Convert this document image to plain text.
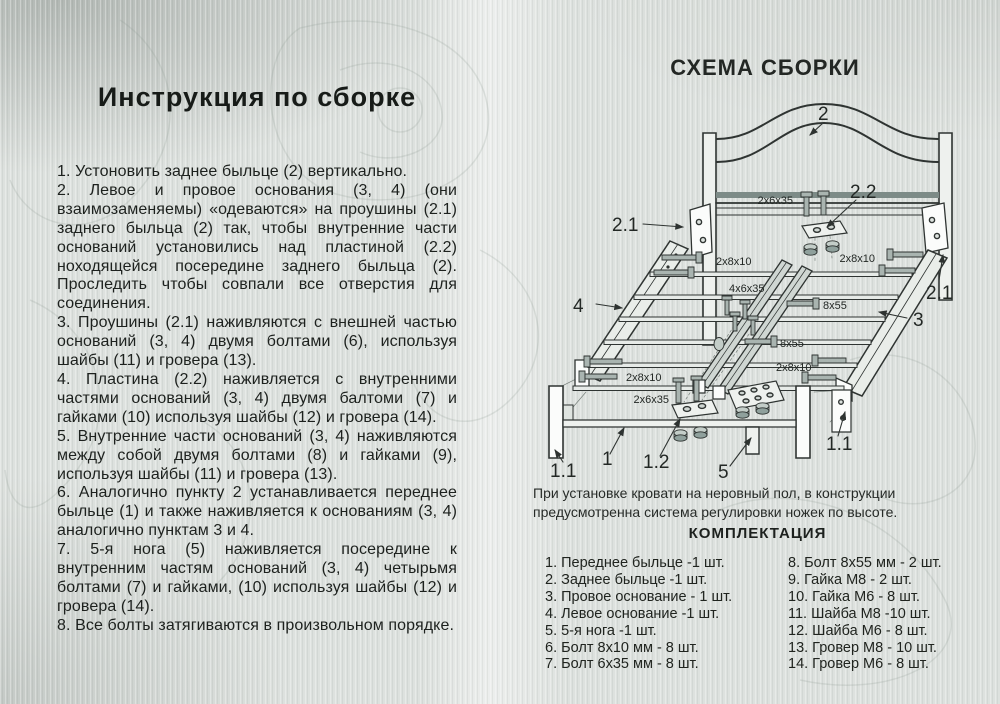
Инструкция по сборке

1. Устоновить заднее быльце (2) вертикально.

2. Левое и провое основания (3, 4) (они взаимозаменяемы) «одеваются» на проушины (2.1) заднего быльца (2) так, чтобы внутренние части оснований установились над пластиной (2.2) ноходящейся посередине заднего быльца (2). Проследить чтобы совпали все отверстия для соединения.

3. Проушины (2.1) наживляются с внешней частью оснований (3, 4) двумя болтами (6), используя шайбы (11) и гровера (13).

4. Пластина (2.2) наживляется с внутренними частями оснований (3, 4) двумя балтоми (7) и гайками (10) используя шайбы (12) и гровера (14).

5. Внутренние части оснований (3, 4) наживляются между собой двумя болтами (8) и гайками (9), используя шайбы (11) и гровера (13).

6. Аналогично пункту 2 устанавливается переднее быльце (1) и также наживляется к основаниям (3, 4) аналогично пунктам 3 и 4.

7. 5-я нога (5) наживляется посередине к внутренним частям оснований (3, 4) четырьмя болтами (7) и гайками, (10) используя шайбы (12) и гровера (14).

8. Все болты затягиваются в произвольном порядке.

СХЕМА СБОРКИ
2
2.1
2.2
2.1
4
3
1.1
1 1.2	5
1.1
2x6x35
2x8x10	2x8x10
4x6x35
8x55
8x55
2x8x10
2x8x10
2x6x35

При установке кровати на неровный пол, в конструкции предусмотренна система регулировки ножек по высоте.

КОМПЛЕКТАЦИЯ
1. Переднее быльце -1 шт.
2. Заднее быльце -1 шт.
3. Провое основание - 1 шт.
4. Левое основание -1 шт.
5. 5-я нога -1 шт.
6. Болт 8х10 мм - 8 шт.
7. Болт 6х35 мм - 8 шт.
8. Болт 8х55 мм - 2 шт.
9. Гайка М8 - 2 шт.
10. Гайка М6 - 8 шт.
11. Шайба М8 -10 шт.
12. Шайба М6 - 8 шт.
13. Гровер М8 - 10 шт.
14. Гровер М6 - 8 шт.
